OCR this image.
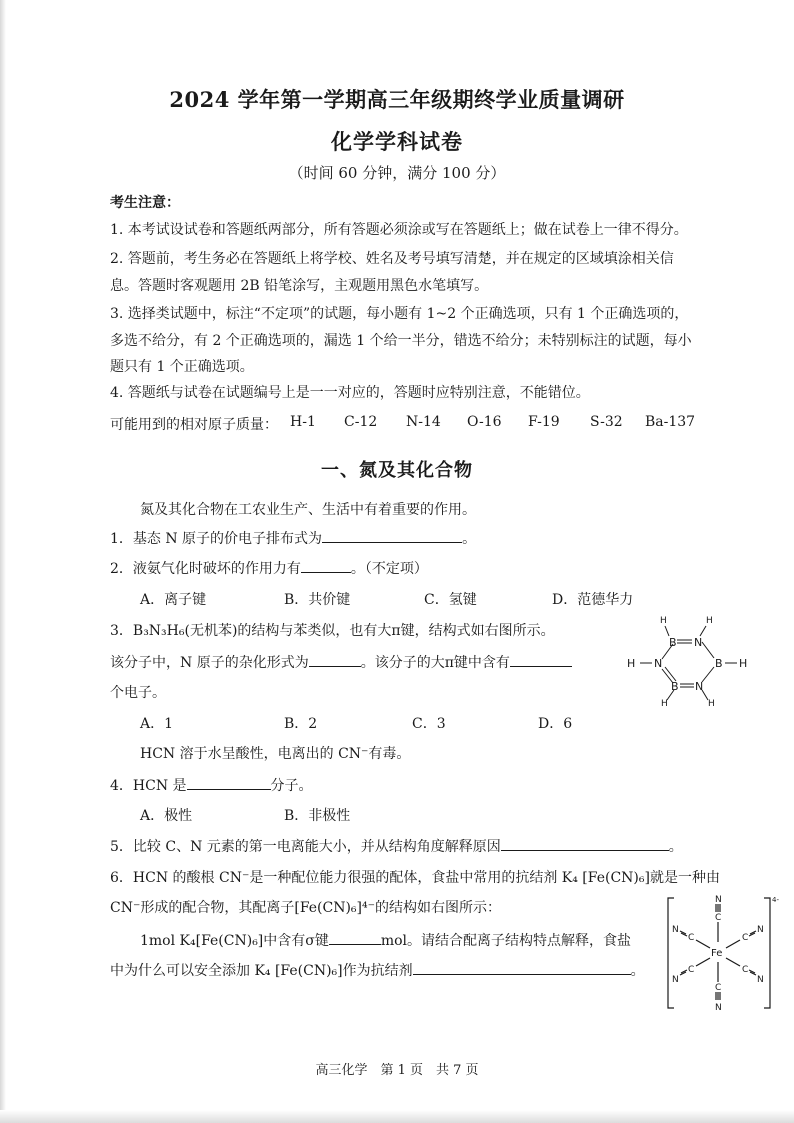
2024 学年第一学期高三年级期终学业质量调研
化学学科试卷
（时间 60 分钟，满分 100 分）
考生注意：
1. 本考试设试卷和答题纸两部分，所有答题必须涂或写在答题纸上；做在试卷上一律不得分。
2. 答题前，考生务必在答题纸上将学校、姓名及考号填写清楚，并在规定的区域填涂相关信
息。答题时客观题用 2B 铅笔涂写，主观题用黑色水笔填写。
3. 选择类试题中，标注“不定项”的试题，每小题有 1~2 个正确选项，只有 1 个正确选项的，
多选不给分，有 2 个正确选项的，漏选 1 个给一半分，错选不给分；未特别标注的试题，每小
题只有 1 个正确选项。
4. 答题纸与试卷在试题编号上是一一对应的，答题时应特别注意，不能错位。
可能用到的相对原子质量： H-1 C-12 N-14 O-16 F-19 S-32 Ba-137
一、氮及其化合物
氮及其化合物在工农业生产、生活中有着重要的作用。
1．基态 N 原子的价电子排布式为	。
2．液氨气化时破坏的作用力有	。（不定项）
A．离子键	B．共价键	C．氢键	D．范德华力
3．B₃N₃H₆(无机苯)的结构与苯类似，也有大π键，结构式如右图所示。
该分子中，N 原子的杂化形式为	。该分子的大π键中含有
个电子。
A．1	B．2	C．3	D．6
B N
N	B
B N
H	H
H	H
H	H
HCN 溶于水呈酸性，电离出的 CN⁻有毒。
4．HCN 是	分子。
A．极性	B．非极性
5．比较 C、N 元素的第一电离能大小，并从结构角度解释原因	。
6．HCN 的酸根 CN⁻是一种配位能力很强的配体，食盐中常用的抗结剂 K₄ [Fe(CN)₆]就是一种由
CN⁻形成的配合物，其配离子[Fe(CN)₆]⁴⁻的结构如右图所示：
1mol K₄[Fe(CN)₆]中含有σ键	mol。请结合配离子结构特点解释，食盐
中为什么可以安全添加 K₄ [Fe(CN)₆]作为抗结剂	。
Fe
C
N
C
N
C
N
C
N
C
N
C
N
4-
高三化学　第 1 页　共 7 页
